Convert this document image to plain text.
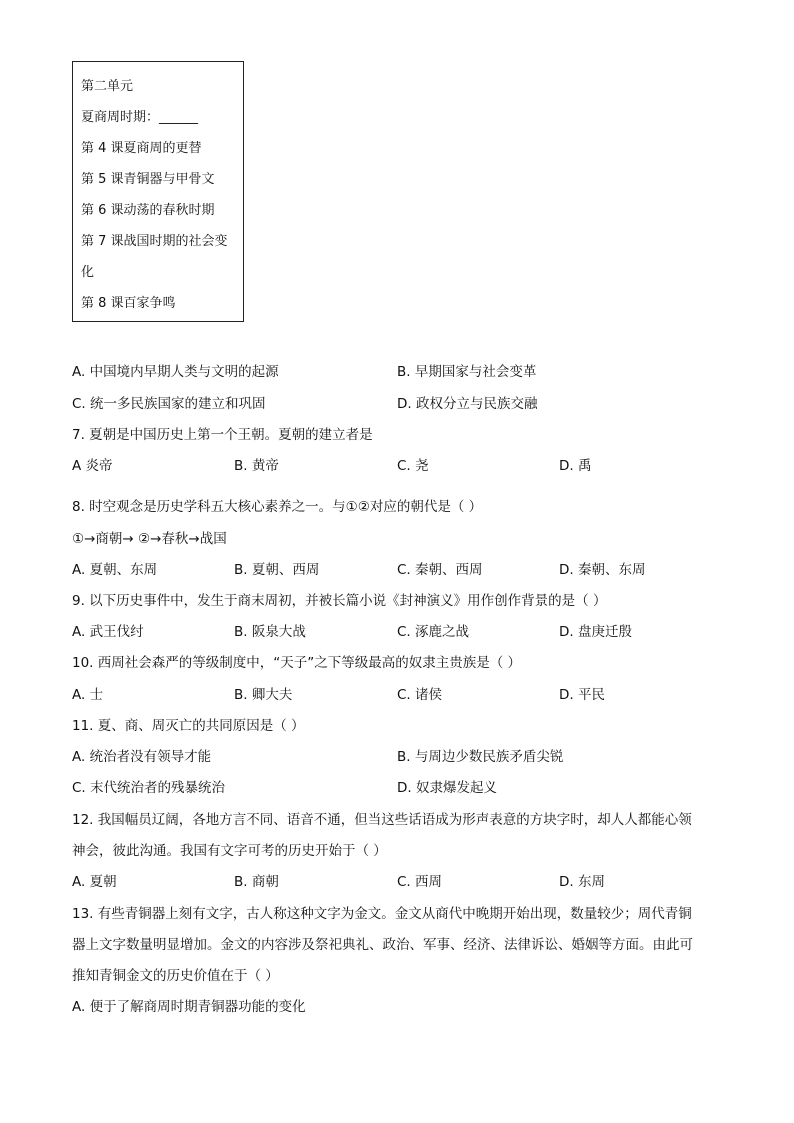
第二单元
夏商周时期：______
第 4 课夏商周的更替
第 5 课青铜器与甲骨文
第 6 课动荡的春秋时期
第 7 课战国时期的社会变
化
第 8 课百家争鸣
A. 中国境内早期人类与文明的起源	B. 早期国家与社会变革
C. 统一多民族国家的建立和巩固	D. 政权分立与民族交融
7. 夏朝是中国历史上第一个王朝。夏朝的建立者是
A 炎帝	B. 黄帝	C. 尧	D. 禹
8. 时空观念是历史学科五大核心素养之一。与①②对应的朝代是（ ）
①→商朝→ ②→春秋→战国
A. 夏朝、东周	B. 夏朝、西周	C. 秦朝、西周	D. 秦朝、东周
9. 以下历史事件中，发生于商末周初，并被长篇小说《封神演义》用作创作背景的是（ ）
A. 武王伐纣	B. 阪泉大战	C. 涿鹿之战	D. 盘庚迁殷
10. 西周社会森严的等级制度中，“天子”之下等级最高的奴隶主贵族是（ ）
A. 士	B. 卿大夫	C. 诸侯	D. 平民
11. 夏、商、周灭亡的共同原因是（ ）
A. 统治者没有领导才能	B. 与周边少数民族矛盾尖锐
C. 末代统治者的残暴统治	D. 奴隶爆发起义
12. 我国幅员辽阔，各地方言不同、语音不通，但当这些话语成为形声表意的方块字时，却人人都能心领
神会，彼此沟通。我国有文字可考的历史开始于（ ）
A. 夏朝	B. 商朝	C. 西周	D. 东周
13. 有些青铜器上刻有文字，古人称这种文字为金文。金文从商代中晚期开始出现，数量较少；周代青铜
器上文字数量明显增加。金文的内容涉及祭祀典礼、政治、军事、经济、法律诉讼、婚姻等方面。由此可
推知青铜金文的历史价值在于（ ）
A. 便于了解商周时期青铜器功能的变化
